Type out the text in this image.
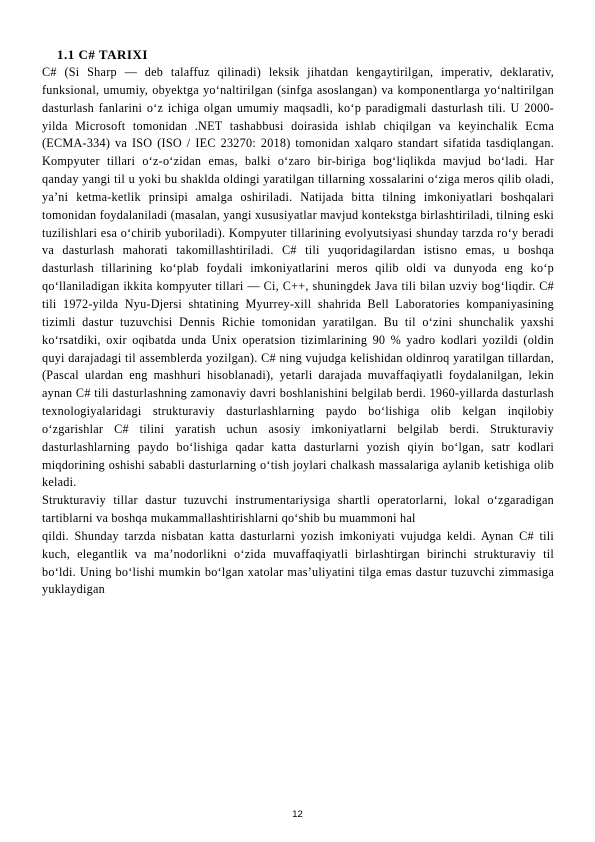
1.1 C# TARIXI

C# (Si Sharp — deb talaffuz qilinadi) leksik jihatdan kengaytirilgan, imperativ, deklarativ, funksional, umumiy, obyektga yo‘naltirilgan (sinfga asoslangan) va komponentlarga yo‘naltirilgan dasturlash fanlarini o‘z ichiga olgan umumiy maqsadli, ko‘p paradigmali dasturlash tili. U 2000-yilda Microsoft tomonidan .NET tashabbusi doirasida ishlab chiqilgan va keyinchalik Ecma (ECMA-334) va ISO (ISO / IEC 23270: 2018) tomonidan xalqaro standart sifatida tasdiqlangan. Kompyuter tillari o‘z-o‘zidan emas, balki o‘zaro bir-biriga bog‘liqlikda mavjud bo‘ladi. Har qanday yangi til u yoki bu shaklda oldingi yaratilgan tillarning xossalarini o‘ziga meros qilib oladi, ya’ni ketma-ketlik prinsipi amalga oshiriladi. Natijada bitta tilning imkoniyatlari boshqalari tomonidan foydalaniladi (masalan, yangi xususiyatlar mavjud kontekstga birlashtiriladi, tilning eski tuzilishlari esa o‘chirib yuboriladi). Kompyuter tillarining evolyutsiyasi shunday tarzda ro‘y beradi va dasturlash mahorati takomillashtiriladi. C# tili yuqoridagilardan istisno emas, u boshqa dasturlash tillarining ko‘plab foydali imkoniyatlarini meros qilib oldi va dunyoda eng ko‘p qo‘llaniladigan ikkita kompyuter tillari — Ci, C++, shuningdek Java tili bilan uzviy bog‘liqdir. C# tili 1972-yilda Nyu-Djersi shtatining Myurrey-xill shahrida Bell Laboratories kompaniyasining tizimli dastur tuzuvchisi Dennis Richie tomonidan yaratilgan. Bu til o‘zini shunchalik yaxshi ko‘rsatdiki, oxir oqibatda unda Unix operatsion tizimlarining 90 % yadro kodlari yozildi (oldin quyi darajadagi til assemblerda yozilgan). C# ning vujudga kelishidan oldinroq yaratilgan tillardan, (Pascal ulardan eng mashhuri hisoblanadi), yetarli darajada muvaffaqiyatli foydalanilgan, lekin aynan C# tili dasturlashning zamonaviy davri boshlanishini belgilab berdi. 1960-yillarda dasturlash texnologiyalaridagi strukturaviy dasturlashlarning paydo bo‘lishiga olib kelgan inqilobiy o‘zgarishlar C# tilini yaratish uchun asosiy imkoniyatlarni belgilab berdi. Strukturaviy dasturlashlarning paydo bo‘lishiga qadar katta dasturlarni yozish qiyin bo‘lgan, satr kodlari miqdorining oshishi sababli dasturlarning o‘tish joylari chalkash massalariga aylanib ketishiga olib keladi.

Strukturaviy tillar dastur tuzuvchi instrumentariysiga shartli operatorlarni, lokal o‘zgaradigan tartiblarni va boshqa mukammallashtirishlarni qo‘shib bu muammoni hal

qildi. Shunday tarzda nisbatan katta dasturlarni yozish imkoniyati vujudga keldi. Aynan C# tili kuch, elegantlik va ma’nodorlikni o‘zida muvaffaqiyatli birlashtirgan birinchi strukturaviy til bo‘ldi. Uning bo‘lishi mumkin bo‘lgan xatolar mas’uliyatini tilga emas dastur tuzuvchi zimmasiga yuklaydigan

12
